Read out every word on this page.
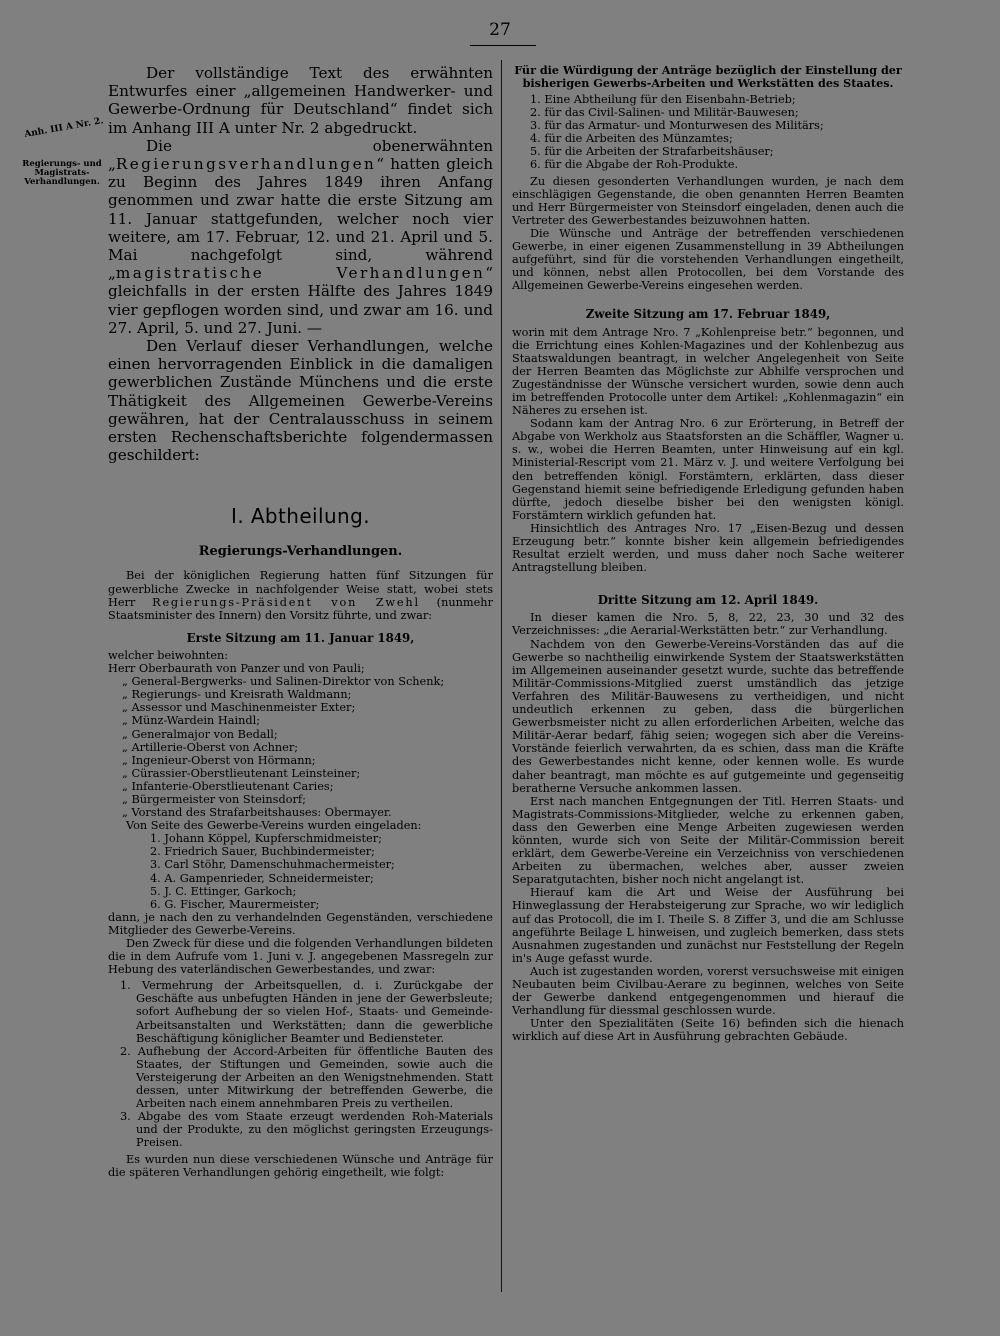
27
Anh. III A Nr. 2.
Regierungs- und Magistrats-Verhandlungen.

Der vollständige Text des erwähnten Entwurfes einer „allgemeinen Handwerker- und Gewerbe-Ordnung für Deutschland“ findet sich im Anhang III A unter Nr. 2 abgedruckt.

Die obenerwähnten „Regierungsverhandlungen“ hatten gleich zu Beginn des Jahres 1849 ihren Anfang genommen und zwar hatte die erste Sitzung am 11. Januar stattgefunden, welcher noch vier weitere, am 17. Februar, 12. und 21. April und 5. Mai nachgefolgt sind, während „magistratische Verhandlungen“ gleichfalls in der ersten Hälfte des Jahres 1849 vier gepflogen worden sind, und zwar am 16. und 27. April, 5. und 27. Juni. —

Den Verlauf dieser Verhandlungen, welche einen hervorragenden Einblick in die damaligen gewerblichen Zustände Münchens und die erste Thätigkeit des Allgemeinen Gewerbe-Vereins gewähren, hat der Centralausschuss in seinem ersten Rechenschaftsberichte folgendermassen geschildert:

I. Abtheilung.
Regierungs-Verhandlungen.

Bei der königlichen Regierung hatten fünf Sitzungen für gewerbliche Zwecke in nachfolgender Weise statt, wobei stets Herr Regierungs-Präsident von Zwehl (nunmehr Staatsminister des Innern) den Vorsitz führte, und zwar:

Erste Sitzung am 11. Januar 1849,

welcher beiwohnten:

Herr Oberbaurath von Panzer und von Pauli;
„ General-Bergwerks- und Salinen-Direktor von Schenk;
„ Regierungs- und Kreisrath Waldmann;
„ Assessor und Maschinenmeister Exter;
„ Münz-Wardein Haindl;
„ Generalmajor von Bedall;
„ Artillerie-Oberst von Achner;
„ Ingenieur-Oberst von Hörmann;
„ Cürassier-Oberstlieutenant Leinsteiner;
„ Infanterie-Oberstlieutenant Caries;
„ Bürgermeister von Steinsdorf;
„ Vorstand des Strafarbeitshauses: Obermayer.

Von Seite des Gewerbe-Vereins wurden eingeladen:

1. Johann Köppel, Kupferschmidmeister;
2. Friedrich Sauer, Buchbindermeister;
3. Carl Stöhr, Damenschuhmachermeister;
4. A. Gampenrieder, Schneidermeister;
5. J. C. Ettinger, Garkoch;
6. G. Fischer, Maurermeister;

dann, je nach den zu verhandelnden Gegenständen, verschiedene Mitglieder des Gewerbe-Vereins.

Den Zweck für diese und die folgenden Verhandlungen bildeten die in dem Aufrufe vom 1. Juni v. J. angegebenen Massregeln zur Hebung des vaterländischen Gewerbestandes, und zwar:

1. Vermehrung der Arbeitsquellen, d. i. Zurückgabe der Geschäfte aus unbefugten Händen in jene der Gewerbsleute; sofort Aufhebung der so vielen Hof-, Staats- und Gemeinde-Arbeitsanstalten und Werkstätten; dann die gewerbliche Beschäftigung königlicher Beamter und Bediensteter.
2. Aufhebung der Accord-Arbeiten für öffentliche Bauten des Staates, der Stiftungen und Gemeinden, sowie auch die Versteigerung der Arbeiten an den Wenigstnehmenden. Statt dessen, unter Mitwirkung der betreffenden Gewerbe, die Arbeiten nach einem annehmbaren Preis zu vertheilen.
3. Abgabe des vom Staate erzeugt werdenden Roh-Materials und der Produkte, zu den möglichst geringsten Erzeugungs-Preisen.

Es wurden nun diese verschiedenen Wünsche und Anträge für die späteren Verhandlungen gehörig eingetheilt, wie folgt:

Für die Würdigung der Anträge bezüglich der Einstellung der bisherigen Gewerbs-Arbeiten und Werkstätten des Staates.
1. Eine Abtheilung für den Eisenbahn-Betrieb;
2. für das Civil-Salinen- und Militär-Bauwesen;
3. für das Armatur- und Monturwesen des Militärs;
4. für die Arbeiten des Münzamtes;
5. für die Arbeiten der Strafarbeitshäuser;
6. für die Abgabe der Roh-Produkte.

Zu diesen gesonderten Verhandlungen wurden, je nach dem einschlägigen Gegenstande, die oben genannten Herren Beamten und Herr Bürgermeister von Steinsdorf eingeladen, denen auch die Vertreter des Gewerbestandes beizuwohnen hatten.

Die Wünsche und Anträge der betreffenden verschiedenen Gewerbe, in einer eigenen Zusammenstellung in 39 Abtheilungen aufgeführt, sind für die vorstehenden Verhandlungen eingetheilt, und können, nebst allen Protocollen, bei dem Vorstande des Allgemeinen Gewerbe-Vereins eingesehen werden.

Zweite Sitzung am 17. Februar 1849,

worin mit dem Antrage Nro. 7 „Kohlenpreise betr.“ begonnen, und die Errichtung eines Kohlen-Magazines und der Kohlenbezug aus Staatswaldungen beantragt, in welcher Angelegenheit von Seite der Herren Beamten das Möglichste zur Abhilfe versprochen und Zugeständnisse der Wünsche versichert wurden, sowie denn auch im betreffenden Protocolle unter dem Artikel: „Kohlenmagazin“ ein Näheres zu ersehen ist.

Sodann kam der Antrag Nro. 6 zur Erörterung, in Betreff der Abgabe von Werkholz aus Staatsforsten an die Schäffler, Wagner u. s. w., wobei die Herren Beamten, unter Hinweisung auf ein kgl. Ministerial-Rescript vom 21. März v. J. und weitere Verfolgung bei den betreffenden königl. Forstämtern, erklärten, dass dieser Gegenstand hiemit seine befriedigende Erledigung gefunden haben dürfte, jedoch dieselbe bisher bei den wenigsten königl. Forstämtern wirklich gefunden hat.

Hinsichtlich des Antrages Nro. 17 „Eisen-Bezug und dessen Erzeugung betr.“ konnte bisher kein allgemein befriedigendes Resultat erzielt werden, und muss daher noch Sache weiterer Antragstellung bleiben.

Dritte Sitzung am 12. April 1849.

In dieser kamen die Nro. 5, 8, 22, 23, 30 und 32 des Verzeichnisses: „die Aerarial-Werkstätten betr.“ zur Verhandlung.

Nachdem von den Gewerbe-Vereins-Vorständen das auf die Gewerbe so nachtheilig einwirkende System der Staatswerkstätten im Allgemeinen auseinander gesetzt wurde, suchte das betreffende Militär-Commissions-Mitglied zuerst umständlich das jetzige Verfahren des Militär-Bauwesens zu vertheidigen, und nicht undeutlich erkennen zu geben, dass die bürgerlichen Gewerbsmeister nicht zu allen erforderlichen Arbeiten, welche das Militär-Aerar bedarf, fähig seien; wogegen sich aber die Vereins-Vorstände feierlich verwahrten, da es schien, dass man die Kräfte des Gewerbestandes nicht kenne, oder kennen wolle. Es wurde daher beantragt, man möchte es auf gutgemeinte und gegenseitig beratherne Versuche ankommen lassen.

Erst nach manchen Entgegnungen der Titl. Herren Staats- und Magistrats-Commissions-Mitglieder, welche zu erkennen gaben, dass den Gewerben eine Menge Arbeiten zugewiesen werden könnten, wurde sich von Seite der Militär-Commission bereit erklärt, dem Gewerbe-Vereine ein Verzeichniss von verschiedenen Arbeiten zu übermachen, welches aber, ausser zweien Separatgutachten, bisher noch nicht angelangt ist.

Hierauf kam die Art und Weise der Ausführung bei Hinweglassung der Herabsteigerung zur Sprache, wo wir lediglich auf das Protocoll, die im I. Theile S. 8 Ziffer 3, und die am Schlusse angeführte Beilage L hinweisen, und zugleich bemerken, dass stets Ausnahmen zugestanden und zunächst nur Feststellung der Regeln in's Auge gefasst wurde.

Auch ist zugestanden worden, vorerst versuchsweise mit einigen Neubauten beim Civilbau-Aerare zu beginnen, welches von Seite der Gewerbe dankend entgegengenommen und hierauf die Verhandlung für diessmal geschlossen wurde.

Unter den Spezialitäten (Seite 16) befinden sich die hienach wirklich auf diese Art in Ausführung gebrachten Gebäude.
